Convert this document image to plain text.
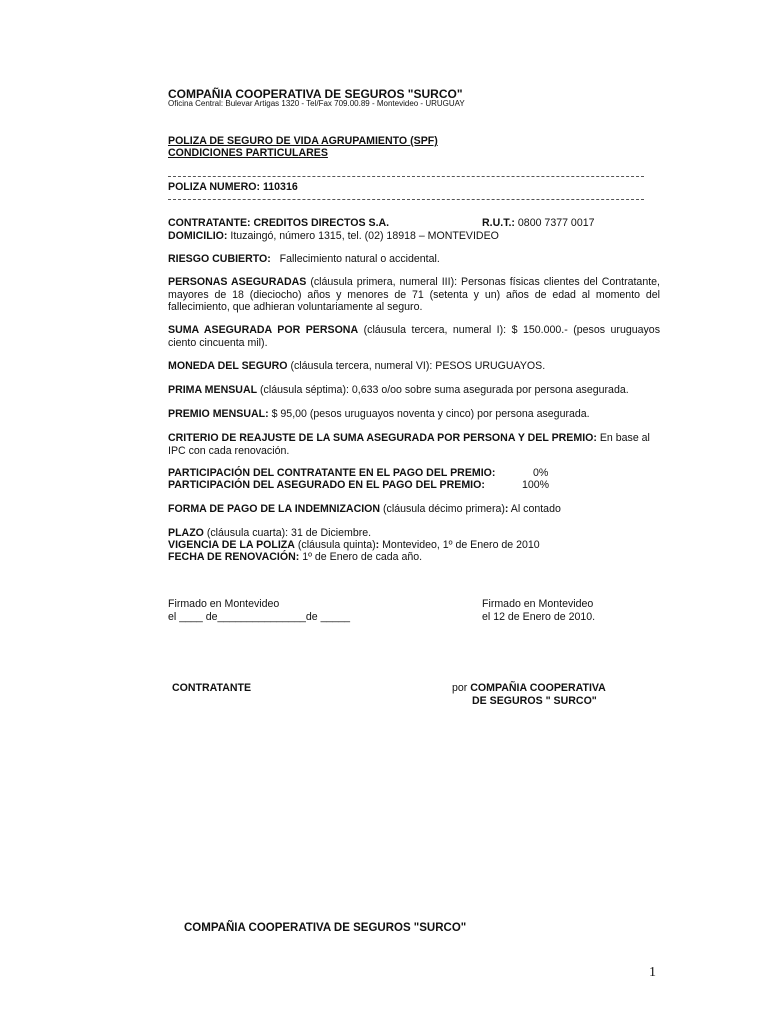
COMPAÑIA COOPERATIVA DE SEGUROS "SURCO"
Oficina Central: Bulevar Artigas 1320 - Tel/Fax 709.00.89 - Montevideo - URUGUAY
POLIZA DE SEGURO DE VIDA AGRUPAMIENTO (SPF)
CONDICIONES PARTICULARES
POLIZA NUMERO: 110316
CONTRATANTE: CREDITOS DIRECTOS S.A.	R.U.T.: 0800 7377 0017
DOMICILIO: Ituzaingó, número 1315, tel. (02) 18918 – MONTEVIDEO
RIESGO CUBIERTO:   Fallecimiento natural o accidental.
PERSONAS ASEGURADAS (cláusula primera, numeral III): Personas físicas clientes del Contratante, mayores de 18 (dieciocho) años y menores de 71 (setenta y un) años de edad al momento del fallecimiento, que adhieran voluntariamente al seguro.
SUMA ASEGURADA POR PERSONA (cláusula tercera, numeral I): $ 150.000.- (pesos uruguayos ciento cincuenta mil).
MONEDA DEL SEGURO (cláusula tercera, numeral VI): PESOS URUGUAYOS.
PRIMA MENSUAL (cláusula séptima): 0,633 o/oo sobre suma asegurada por persona asegurada.
PREMIO MENSUAL: $ 95,00 (pesos uruguayos noventa y cinco) por persona asegurada.
CRITERIO DE REAJUSTE DE LA SUMA ASEGURADA POR PERSONA Y DEL PREMIO: En base al IPC con cada renovación.
PARTICIPACIÓN DEL CONTRATANTE EN EL PAGO DEL PREMIO:	0%
PARTICIPACIÓN DEL ASEGURADO EN EL PAGO DEL PREMIO:	100%
FORMA DE PAGO DE LA INDEMNIZACION (cláusula décimo primera): Al contado
PLAZO (cláusula cuarta): 31 de Diciembre.
VIGENCIA DE LA POLIZA (cláusula quinta): Montevideo, 1º de Enero de 2010
FECHA DE RENOVACIÓN: 1º de Enero de cada año.
Firmado en Montevideo
el ____ de_______________de _____
Firmado en Montevideo
el 12 de Enero de 2010.
CONTRATANTE	por COMPAÑIA COOPERATIVA
DE SEGUROS " SURCO"
COMPAÑIA COOPERATIVA DE SEGUROS "SURCO"
1
